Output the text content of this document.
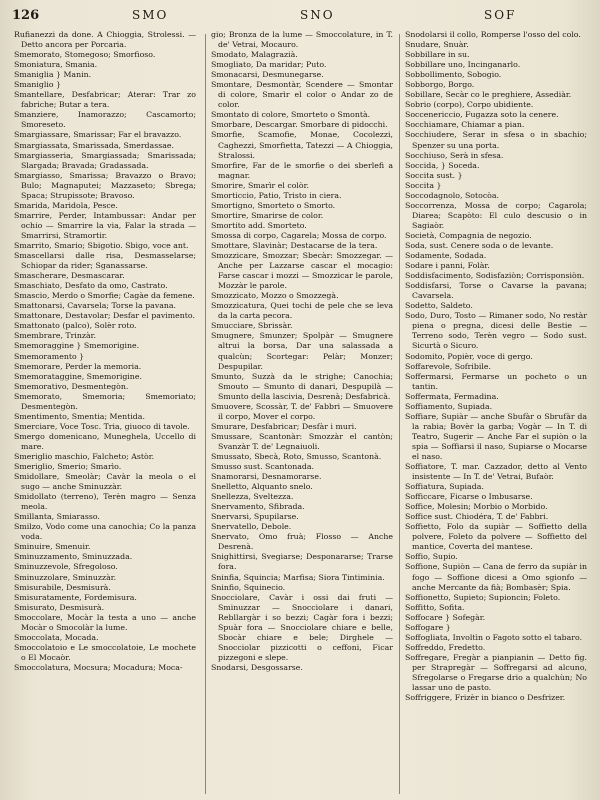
126	SMO	SNO	SOF

Rufianezzi da done. A Chioggia, Strolessi. — Detto ancora per Porcaria.

Smemorato, Stomegoso; Smorfioso.

Smoniatura, Smania.

Smaniglia } Manin.

Smaniglio }

Smantellare, Desfabricar; Aterar: Trar zo fabriche; Butar a tera.

Smanziere, Inamorazzo; Cascamorto; Smoreseto.

Smargiassare, Smarissar; Far el bravazzo.

Smargiassata, Smarissada, Smerdassae.

Smargiasseria, Smargiassada; Smarissada; Slargada; Bravada; Gradassada.

Smargiasso, Smarissa; Bravazzo o Bravo; Bulo; Magnaputei; Mazzaseto; Sbrega; Spaca; Strupissote; Bravoso.

Smarida, Maridola, Pesce.

Smarrire, Perder, Intambussar: Andar per ochio — Smarrire la via, Falar la strada — Smarrirsi, Stramortir.

Smarrito, Smario; Sbigotio. Sbigo, voce ant.

Smascellarsi dalle risa, Desmasselarse; Schiopar da rider; Sganassarse.

Smascherare, Desmascarar.

Smaschiato, Desfato da omo, Castrato.

Smascio, Merdo o Smorfie; Cagàe da femene.

Smattonarsi, Cavarsela; Torse la pavana.

Smattonare, Destavolar; Desfar el pavimento.

Smattonato (palco), Solèr roto.

Smembrare, Trinzàr.

Smemoraggine } Smemorigine.

Smemoramento }

Smemorare, Perder la memoria.

Smemorataggine, Smemorigine.

Smemorativo, Desmentegòn.

Smemorato, Smemoria; Smemoriato; Desmentegòn.

Smentimento, Smentia; Mentida.

Smerciare, Voce Tosc. Tria, giuoco di tavole.

Smergo domenicano, Muneghela, Uccello di mare.

Smeriglio maschio, Falcheto; Astòr.

Smeriglio, Smerio; Smarìo.

Smidollare, Smeolàr; Cavàr la meola o el sugo — anche Sminuzzàr.

Smidollato (terreno), Terèn magro — Senza meola.

Smillanta, Smiarasso.

Smilzo, Vodo come una canochia; Co la panza voda.

Sminuire, Smenuir.

Sminuzzamento, Sminuzzada.

Sminuzzevole, Sfregoloso.

Sminuzzolare, Sminuzzàr.

Smisurabile, Desmisurà.

Smisuratamente, Fordemisura.

Smisurato, Desmisurà.

Smoccolare, Mocàr la testa a uno — anche Mocàr o Smocolàr la lume.

Smoccolata, Mocada.

Smoccolatoio e Le smoccolatoie, Le mochete o El Mocaòr.

Smoccolatura, Mocsura; Mocadura; Moca-

gio; Bronza de la lume — Smoccolature, in T. de' Vetrai, Mocauro.

Smodato, Malagrazià.

Smogliato, Da maridar; Puto.

Smonacarsi, Desmunegarse.

Smontare, Desmontàr, Scendere — Smontar di colore, Smarìr el color o Andar zo de color.

Smontato di colore, Smorteto o Smontà.

Smorbare, Descargar. Smorbare di pidocchi.

Smorfie, Scamofie, Monae, Cocolezzi, Caghezzi, Smorfietta, Tatezzi — A Chioggia, Stralossi.

Smorfire, Far de le smorfie o dei sberlefi a magnar.

Smorire, Smarìr el colòr.

Smorticcio, Patio, Tristo in ciera.

Smortigno, Smorteto o Smorto.

Smortire, Smarirse de color.

Smortito add. Smorteto.

Smossa di corpo, Cagarela; Mossa de corpo.

Smottare, Slavinàr; Destacarse de la tera.

Smozzicare, Smozzar; Sbecàr: Smozzegar. — Anche per Lazzarse cascar el mocagio: Farse cascar i mozzi — Smozzicar le parole, Mozzàr le parole.

Smozzicato, Mozzo o Smozzegà.

Smozzicatura, Quei tochi de pele che se leva da la carta pecora.

Smucciare, Sbrissàr.

Smugnere, Smunzer; Spolpàr — Smugnere altrui la borsa, Dar una salassada a qualcùn; Scortegar: Pelàr; Monzer; Despupilar.

Smunto, Suzzà da le strighe; Canochia; Smouto — Smunto di danari, Despupilà — Smunto della lascivia, Desrenà; Desfabricà.

Smuovere, Scossàr, T. de' Fabbri — Smuovere il corpo, Mover el corpo.

Smurare, Desfabricar; Desfàr i muri.

Smussare, Scantonàr: Smozzàr el cantòn; Svanzàr T. de' Legnaiuoli.

Smussato, Sbecà, Roto, Smusso, Scantonà.

Smusso sust. Scantonada.

Snamorarsi, Desnamorarse.

Snelletto, Alquanto snelo.

Snellezza, Sveltezza.

Snervamento, Sfibrada.

Snervarsi, Spupilarse.

Snervatello, Debole.

Snervato, Omo fruà; Flosso — Anche Desrenà.

Snighittirsi, Svegiarse; Desponararse; Trarse fora.

Sninfia, Squincia; Marfisa; Siora Tintiminia.

Sninfio, Squinecio.

Snocciolare, Cavàr i ossi dai fruti — Sminuzzar — Snocciolare i danari, Rebllargàr i so bezzi; Cagàr fora i bezzi; Spuàr fora — Snocciolare chiare e belle, Sbocàr chiare e bele; Dirghele — Snocciolar pizzicotti o ceffoni, Ficar pizzegoni e slepe.

Snodarsi, Desgossarse.

Snodolarsi il collo, Romperse l'osso del colo.

Snudare, Snuàr.

Sobbillare in su.

Sobbillare uno, Incinganarlo.

Sobbollimento, Sobogio.

Sobborgo, Borgo.

Sobillare, Secàr co le preghiere, Assediàr.

Sobrio (corpo), Corpo ubidiente.

Soccenericcio, Fugazza soto la cenere.

Socchiamare, Chiamar a pian.

Socchiudere, Serar in sfesa o in sbachio; Spenzer su una porta.

Socchiuso, Serà in sfesa.

Soccida, } Soceda.

Soccita sust. }

Soccita }

Soccodagnolo, Sotocòa.

Soccorrenza, Mossa de corpo; Cagarola; Diarea; Scapòto: El culo descusio o in Sagiaòr.

Società, Compagnia de negozio.

Soda, sust. Cenere soda o de levante.

Sodamente, Sodada.

Sodare i panni, Folàr.

Soddisfacimento, Sodisfaziòn; Corrisponsiòn.

Soddisfarsi, Torse o Cavarse la pavana; Cavarsela.

Sodetto, Saldeto.

Sodo, Duro, Tosto — Rimaner sodo, No restàr piena o pregna, dicesi delle Bestie — Terreno sodo, Terèn vegro — Sodo sust. Sicurtà o Sicuro.

Sodomito, Popièr, voce di gergo.

Soffarevole, Sofribile.

Soffermarsi, Fermarse un pocheto o un tantin.

Soffermata, Fermadina.

Soffiamento, Supiada.

Soffiare, Supiàr — anche Sbufàr o Sbrufàr da la rabia; Bovèr la garba; Vogàr — In T. di Teatro, Sugerir — Anche Far el supiòn o la spia — Soffiarsi il naso, Supiarse o Mocarse el naso.

Soffiatore, T. mar. Cazzador, detto al Vento insistente — In T. de' Vetrai, Bufaòr.

Soffiatura, Supiada.

Sofficcare, Ficarse o Imbusarse.

Soffice, Molesin; Morbio o Morbido.

Soffice sust. Chiodéra, T. de' Fabbri.

Soffietto, Folo da supiàr — Soffietto della polvere, Foleto da polvere — Soffietto del mantice, Coverta del mantese.

Soffio, Supio.

Soffione, Supiòn — Cana de ferro da supiàr in fogo — Soffione dicesi a Omo sgionfo — anche Mercante da fià; Bombasèr; Spia.

Soffionetto, Supieto; Supioncin; Foleto.

Soffitto, Sofita.

Soffocare } Sofegàr.

Soffogare }

Soffogliata, Involtìn o Fagoto sotto el tabaro.

Soffreddo, Fredetto.

Soffregare, Fregàr a pianpianin — Detto fig. per Strapregàr — Soffregarsi ad alcuno, Sfregolarse o Fregarse drio a qualchùn; No lassar uno de pasto.

Soffriggere, Frizèr in bianco o Desfrizer.
